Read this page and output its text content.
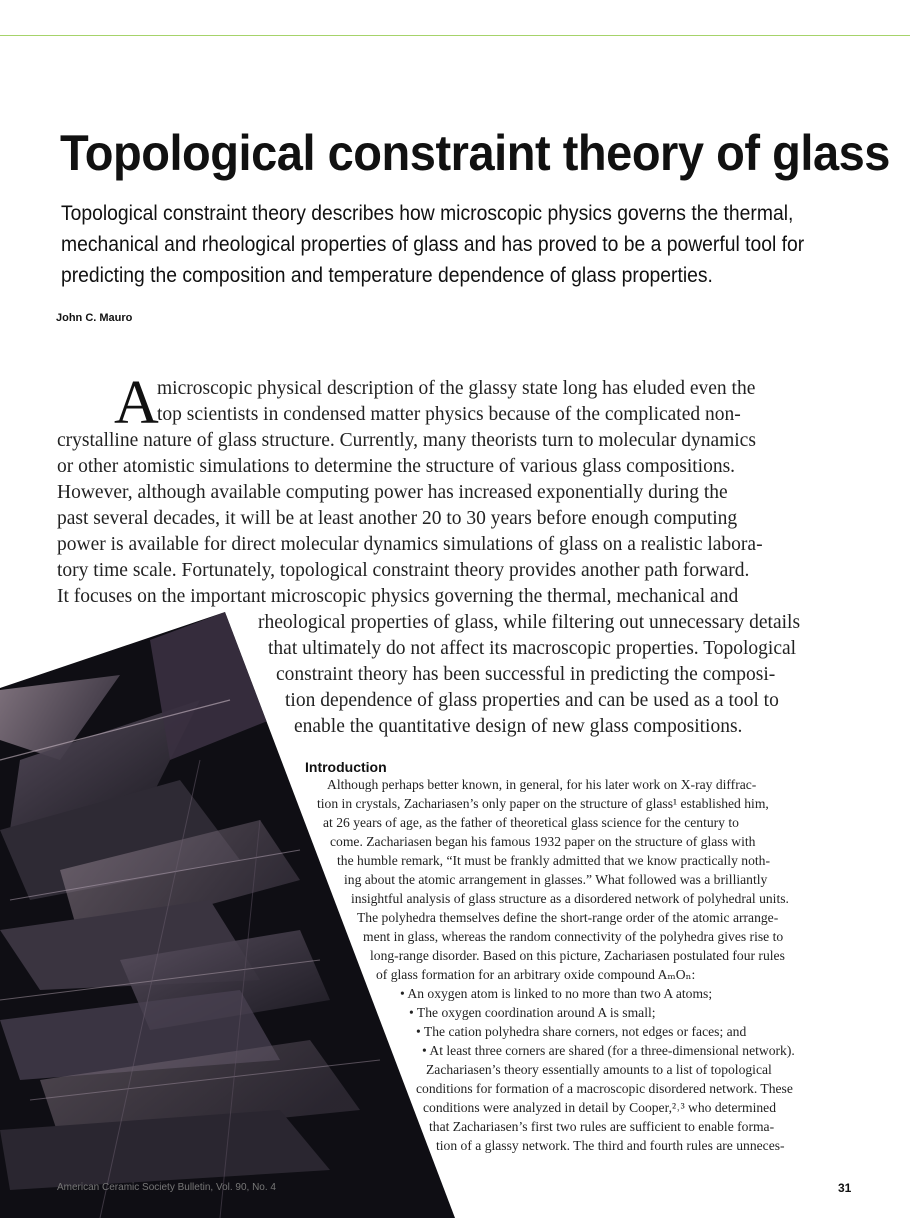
Topological constraint theory of glass
Topological constraint theory describes how microscopic physics governs the thermal,
mechanical and rheological properties of glass and has proved to be a powerful tool for
predicting the composition and temperature dependence of glass properties.
John C. Mauro
A
microscopic physical description of the glassy state long has eluded even the
top scientists in condensed matter physics because of the complicated non-
crystalline nature of glass structure. Currently, many theorists turn to molecular dynamics
or other atomistic simulations to determine the structure of various glass compositions.
However, although available computing power has increased exponentially during the
past several decades, it will be at least another 20 to 30 years before enough computing
power is available for direct molecular dynamics simulations of glass on a realistic labora-
tory time scale. Fortunately, topological constraint theory provides another path forward.
It focuses on the important microscopic physics governing the thermal, mechanical and
rheological properties of glass, while filtering out unnecessary details
that ultimately do not affect its macroscopic properties. Topological
constraint theory has been successful in predicting the composi-
tion dependence of glass properties and can be used as a tool to
enable the quantitative design of new glass compositions.
Introduction
Although perhaps better known, in general, for his later work on X-ray diffrac-
tion in crystals, Zachariasen’s only paper on the structure of glass¹ established him,
at 26 years of age, as the father of theoretical glass science for the century to
come. Zachariasen began his famous 1932 paper on the structure of glass with
the humble remark, “It must be frankly admitted that we know practically noth-
ing about the atomic arrangement in glasses.” What followed was a brilliantly
insightful analysis of glass structure as a disordered network of polyhedral units.
The polyhedra themselves define the short-range order of the atomic arrange-
ment in glass, whereas the random connectivity of the polyhedra gives rise to
long-range disorder. Based on this picture, Zachariasen postulated four rules
of glass formation for an arbitrary oxide compound AₘOₙ:
• An oxygen atom is linked to no more than two A atoms;
• The oxygen coordination around A is small;
• The cation polyhedra share corners, not edges or faces; and
• At least three corners are shared (for a three-dimensional network).
Zachariasen’s theory essentially amounts to a list of topological
conditions for formation of a macroscopic disordered network. These
conditions were analyzed in detail by Cooper,²˒³ who determined
that Zachariasen’s first two rules are sufficient to enable forma-
tion of a glassy network. The third and fourth rules are unneces-
American Ceramic Society Bulletin, Vol. 90, No. 4	31
